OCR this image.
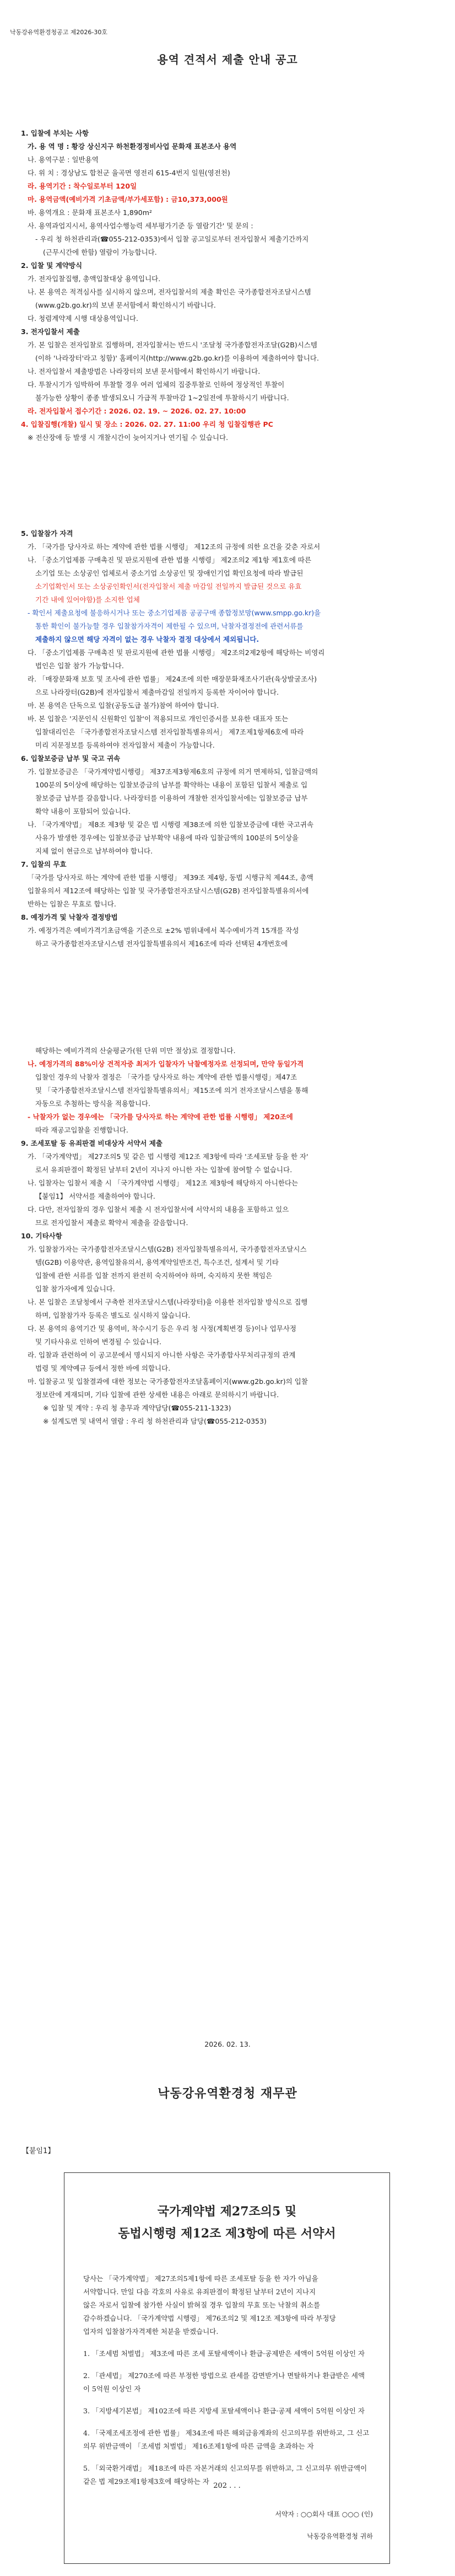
낙동강유역환경청공고 제2026-30호
용역 견적서 제출 안내 공고

1. 입찰에 부치는 사항

가. 용 역 명 : 황강 상신지구 하천환경정비사업 문화재 표본조사 용역

나. 용역구분 : 일반용역

다. 위 치 : 경상남도 합천군 율곡면 영전리 615-4번지 일원(영전천)

라. 용역기간 : 착수일로부터 120일

마. 용역금액(예비가격 기초금액/부가세포함) : 금10,373,000원

바. 용역개요 : 문화재 표본조사 1,890m²

사. 용역과업지시서, 용역사업수행능력 세부평가기준 등 열람기간' 및 문의 :

- 우리 청 하천관리과(☎055-212-0353)에서 입찰 공고일로부터 전자입찰서 제출기간까지

(근무시간에 한함) 열람이 가능합니다.

2. 입찰 및 계약방식

가. 전자입찰집행, 총액입찰대상 용역입니다.

나. 본 용역은 적격심사를 실시하지 않으며, 전자입찰서의 제출 확인은 국가종합전자조달시스템

(www.g2b.go.kr)의 보낸 문서함에서 확인하시기 바랍니다.

다. 청렴계약제 시행 대상용역입니다.

3. 전자입찰서 제출

가. 본 입찰은 전자입찰로 집행하며, 전자입찰서는 반드시 '조달청 국가종합전자조달(G2B)시스템

(이하 '나라장터'라고 칭함)' 홈페이지(http://www.g2b.go.kr)를 이용하여 제출하여야 합니다.

나. 전자입찰서 제출방법은 나라장터의 보낸 문서함에서 확인하시기 바랍니다.

다. 투찰시기가 임박하여 투찰할 경우 여러 업체의 집중투찰로 인하여 정상적인 투찰이

불가능한 상황이 종종 발생되오니 가급적 투찰마감 1~2일전에 투찰하시기 바랍니다.

라. 전자입찰서 접수기간 : 2026. 02. 19. ~ 2026. 02. 27. 10:00

4. 입찰집행(개찰) 일시 및 장소 : 2026. 02. 27. 11:00 우리 청 입찰집행관 PC

※ 전산장애 등 발생 시 개찰시간이 늦어지거나 연기될 수 있습니다.

5. 입찰참가 자격

가. 「국가를 당사자로 하는 계약에 관한 법률 시행령」 제12조의 규정에 의한 요건을 갖춘 자로서

나. 「중소기업제품 구매촉진 및 판로지원에 관한 법률 시행령」 제2조의2 제1항 제1호에 따른

소기업 또는 소상공인 업체로서 중소기업 소상공인 및 장애인기업 확인요청에 따라 발급된

소기업확인서 또는 소상공인확인서(전자입찰서 제출 마감일 전일까지 발급된 것으로 유효

기간 내에 있어야함)를 소지한 업체

- 확인서 제출요청에 불응하시거나 또는 중소기업제품 공공구매 종합정보망(www.smpp.go.kr)을

통한 확인이 불가능할 경우 입찰참가자격이 제한될 수 있으며, 낙찰자결정전에 관련서류를

제출하지 않으면 해당 자격이 없는 경우 낙찰자 결정 대상에서 제외됩니다.

다. 「중소기업제품 구매촉진 및 판로지원에 관한 법률 시행령」 제2조의2제2항에 해당하는 비영리

법인은 입찰 참가 가능합니다.

라. 「매장문화재 보호 및 조사에 관한 법률」 제24조에 의한 매장문화재조사기관(육상발굴조사)

으로 나라장터(G2B)에 전자입찰서 제출마감일 전일까지 등록한 자이어야 합니다.

마. 본 용역은 단독으로 입찰(공동도급 불가)참여 하여야 합니다.

바. 본 입찰은 '지문인식 신원확인 입찰'이 적용되므로 개인인증서를 보유한 대표자 또는

입찰대리인은 「국가종합전자조달시스템 전자입찰특별유의서」 제7조제1항제6호에 따라

미리 지문정보를 등록하여야 전자입찰서 제출이 가능합니다.

6. 입찰보증금 납부 및 국고 귀속

가. 입찰보증금은 「국가계약법시행령」 제37조제3항제6호의 규정에 의거 면제하되, 입찰금액의

100분의 5이상에 해당하는 입찰보증금의 납부를 확약하는 내용이 포함된 입찰서 제출로 입

찰보증금 납부를 갈음합니다. 나라장터를 이용하여 개찰한 전자입찰서에는 입찰보증금 납부

확약 내용이 포함되어 있습니다.

나. 「국가계약법」 제8조 제3항 및 같은 법 시행령 제38조에 의한 입찰보증금에 대한 국고귀속

사유가 발생한 경우에는 입찰보증금 납부확약 내용에 따라 입찰금액의 100분의 5이상을

지체 없이 현금으로 납부하여야 합니다.

7. 입찰의 무효

「국가를 당사자로 하는 계약에 관한 법률 시행령」 제39조 제4항, 동법 시행규칙 제44조, 총액

입찰유의서 제12조에 해당하는 입찰 및 국가종합전자조달시스템(G2B) 전자입찰특별유의서에

반하는 입찰은 무효로 합니다.

8. 예정가격 및 낙찰자 결정방법

가. 예정가격은 예비가격기초금액을 기준으로 ±2% 범위내에서 복수예비가격 15개를 작성

하고 국가종합전자조달시스템 전자입찰특별유의서 제16조에 따라 선택된 4개번호에

해당하는 예비가격의 산술평균가(원 단위 미만 절상)로 결정합니다.

나. 예정가격의 88%이상 견적자중 최저가 입찰자가 낙찰예정자로 선정되며, 만약 동일가격

입찰인 경우의 낙찰자 결정은 「국가를 당사자로 하는 계약에 관한 법률시행령」제47조

및 「국가종합전자조달시스템 전자입찰특별유의서」제15조에 의거 전자조달시스템을 통해

자동으로 추첨하는 방식을 적용합니다.

- 낙찰자가 없는 경우에는 「국가를 당사자로 하는 계약에 관한 법률 시행령」 제20조에

따라 재공고입찰을 진행합니다.

9. 조세포탈 등 유죄판결 비대상자 서약서 제출

가. 「국가계약법」 제27조의5 및 같은 법 시행령 제12조 제3항에 따라 '조세포탈 등을 한 자'

로서 유죄판결이 확정된 날부터 2년이 지나지 아니한 자는 입찰에 참여할 수 없습니다.

나. 입찰자는 입찰서 제출 시 「국가계약법 시행령」 제12조 제3항에 해당하지 아니한다는

【붙임1】 서약서를 제출하여야 합니다.

다. 다만, 전자입찰의 경우 입찰서 제출 시 전자입찰서에 서약서의 내용을 포함하고 있으

므로 전자입찰서 제출로 확약서 제출을 갈음합니다.

10. 기타사항

가. 입찰참가자는 국가종합전자조달시스템(G2B) 전자입찰특별유의서, 국가종합전자조달시스

템(G2B) 이용약관, 용역입찰유의서, 용역계약일반조건, 특수조건, 설계서 및 기타

입찰에 관한 서류를 입찰 전까지 완전히 숙지하여야 하며, 숙지하지 못한 책임은

입찰 참가자에게 있습니다.

나. 본 입찰은 조달청에서 구축한 전자조달시스템(나라장터)을 이용한 전자입찰 방식으로 집행

하며, 입찰참가자 등록은 별도로 실시하지 않습니다.

다. 본 용역의 용역기간 및 용역비, 착수시기 등은 우리 청 사정(계획변경 등)이나 업무사정

및 기타사유로 인하여 변경될 수 있습니다.

라. 입찰과 관련하여 이 공고문에서 명시되지 아니한 사항은 국가종합사무처리규정의 관계

법령 및 계약예규 등에서 정한 바에 의합니다.

마. 입찰공고 및 입찰결과에 대한 정보는 국가종합전자조달홈페이지(www.g2b.go.kr)의 입찰

정보란에 게재되며, 기타 입찰에 관한 상세한 내용은 아래로 문의하시기 바랍니다.

※ 입찰 및 계약 : 우리 청 총무과 계약담당(☎055-211-1323)

※ 설계도면 및 내역서 열람 : 우리 청 하천관리과 담당(☎055-212-0353)

2026. 02. 13.
낙동강유역환경청 재무관
【붙임1】
국가계약법 제27조의5 및
동법시행령 제12조 제3항에 따른 서약서

당사는 「국가계약법」 제27조의5제1항에 따른 조세포탈 등을 한 자가 아님을

서약합니다. 만일 다음 각호의 사유로 유죄판결이 확정된 날부터 2년이 지나지

않은 자로서 입찰에 참가한 사실이 밝혀질 경우 입찰의 무효 또는 낙찰의 취소를

감수하겠습니다. 「국가계약법 시행령」 제76조의2 및 제12조 제3항에 따라 부정당

업자의 입찰참가자격제한 처분을 받겠습니다.

1. 「조세범 처벌법」 제3조에 따른 조세 포탈세액이나 환급·공제받은 세액이 5억원 이상인 자

2. 「관세법」 제270조에 따른 부정한 방법으로 관세를 감면받거나 면탈하거나 환급받은 세액이 5억원 이상인 자

3. 「지방세기본법」 제102조에 따른 지방세 포탈세액이나 환급·공제 세액이 5억원 이상인 자

4. 「국제조세조정에 관한 법률」 제34조에 따른 해외금융계좌의 신고의무를 위반하고, 그 신고의무 위반금액이 「조세범 처벌법」 제16조제1항에 따른 금액을 초과하는 자

5. 「외국환거래법」 제18조에 따른 자본거래의 신고의무를 위반하고, 그 신고의무 위반금액이 같은 법 제29조제1항제3호에 해당하는 자

202 . . .
서약자 : ○○회사 대표 ○○○ (인)
낙동강유역환경청 귀하
